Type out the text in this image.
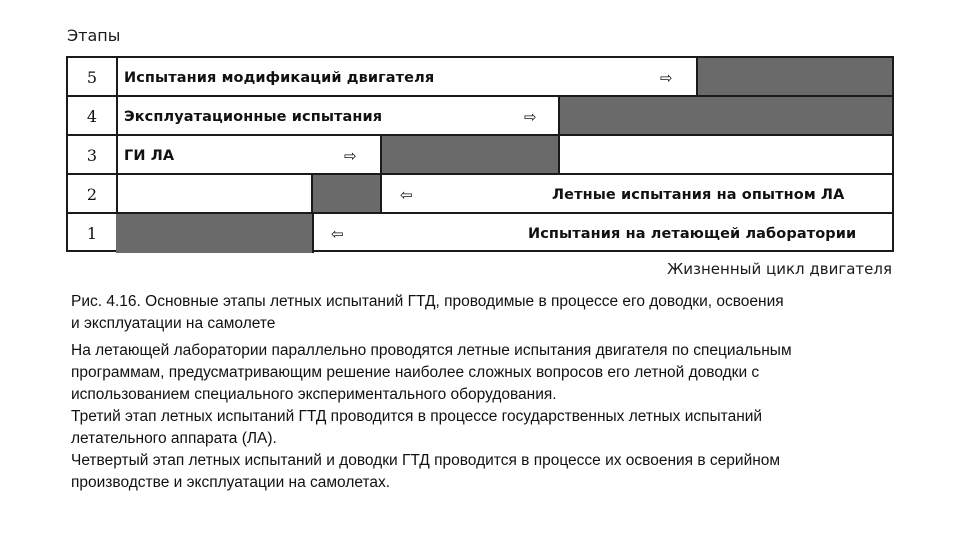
Этапы
5	Испытания модификаций двигателя	⇨
4	Эксплуатационные испытания	⇨
3	ГИ ЛА	⇨
2	⇦	Летные испытания на опытном ЛА
1	⇦	Испытания на летающей лаборатории
Жизненный цикл двигателя
Рис. 4.16. Основные этапы летных испытаний ГТД, проводимые в процессе его доводки, освоения
и эксплуатации на самолете
На летающей лаборатории параллельно проводятся летные испытания двигателя по специальным
программам, предусматривающим решение наиболее сложных вопросов его летной доводки с
использованием специального экспериментального оборудования.
Третий этап летных испытаний ГТД проводится в процессе государственных летных испытаний
летательного аппарата (ЛА).
Четвертый этап летных испытаний и доводки ГТД проводится в процессе их освоения в серийном
производстве и эксплуатации на самолетах.
